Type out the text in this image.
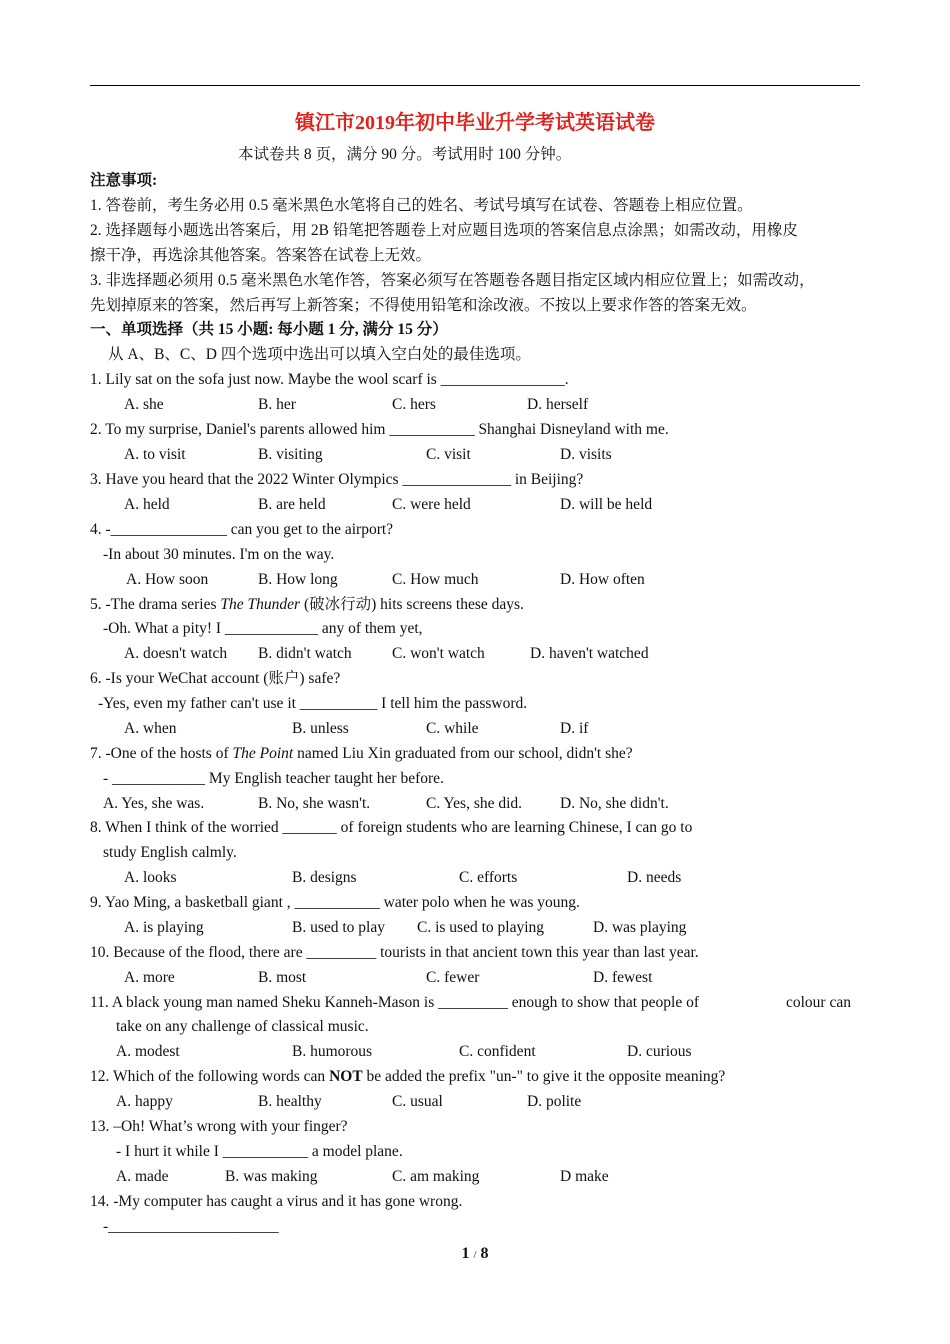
镇江市2019年初中毕业升学考试英语试卷
本试卷共 8 页，满分 90 分。考试用时 100 分钟。
注意事项:
1. 答卷前，考生务必用 0.5 毫米黑色水笔将自己的姓名、考试号填写在试卷、答题卷上相应位置。
2. 选择题每小题选出答案后，用 2B 铅笔把答题卷上对应题目选项的答案信息点涂黑；如需改动，用橡皮
擦干净，再选涂其他答案。答案答在试卷上无效。
3. 非选择题必须用 0.5 毫米黑色水笔作答，答案必须写在答题卷各题目指定区域内相应位置上；如需改动，
先划掉原来的答案，然后再写上新答案；不得使用铅笔和涂改液。不按以上要求作答的答案无效。
一、单项选择（共 15 小题: 每小题 1 分, 满分 15 分）
从 A、B、C、D 四个选项中选出可以填入空白处的最佳选项。
1. Lily sat on the sofa just now. Maybe the wool scarf is ________________.
A. she	B. her	C. hers	D. herself
2. To my surprise, Daniel's parents allowed him ___________ Shanghai Disneyland with me.
A. to visit	B. visiting	C. visit	D. visits
3. Have you heard that the 2022 Winter Olympics ______________ in Beijing?
A. held	B. are held	C. were held	D. will be held
4. -_______________ can you get to the airport?
-In about 30 minutes. I'm on the way.
A. How soon	B. How long	C. How much	D. How often
5. -The drama series The Thunder (破冰行动) hits screens these days.
-Oh. What a pity! I ____________ any of them yet,
A. doesn't watch B. didn't watch	C. won't watch	D. haven't watched
6. -Is your WeChat account (账户) safe?
-Yes, even my father can't use it __________ I tell him the password.
A. when	B. unless	C. while	D. if
7. -One of the hosts of The Point named Liu Xin graduated from our school, didn't she?
- ____________ My English teacher taught her before.
A. Yes, she was.	B. No, she wasn't.	C. Yes, she did. D. No, she didn't.
8. When I think of the worried _______ of foreign students who are learning Chinese, I can go to
study English calmly.
A. looks	B. designs	C. efforts	D. needs
9. Yao Ming, a basketball giant , ___________ water polo when he was young.
A. is playing	B. used to play C. is used to playing	D. was playing
10. Because of the flood, there are _________ tourists in that ancient town this year than last year.
A. more	B. most	C. fewer	D. fewest
11. A black young man named Sheku Kanneh-Mason is _________ enough to show that people of	colour can
take on any challenge of classical music.
A. modest	B. humorous	C. confident	D. curious
12. Which of the following words can NOT be added the prefix "un-" to give it the opposite meaning?
A. happy	B. healthy	C. usual	D. polite
13. –Oh! What’s wrong with your finger?
- I hurt it while I ___________ a model plane.
A. made	B. was making	C. am making	D make
14. -My computer has caught a virus and it has gone wrong.
-______________________
1 / 8
